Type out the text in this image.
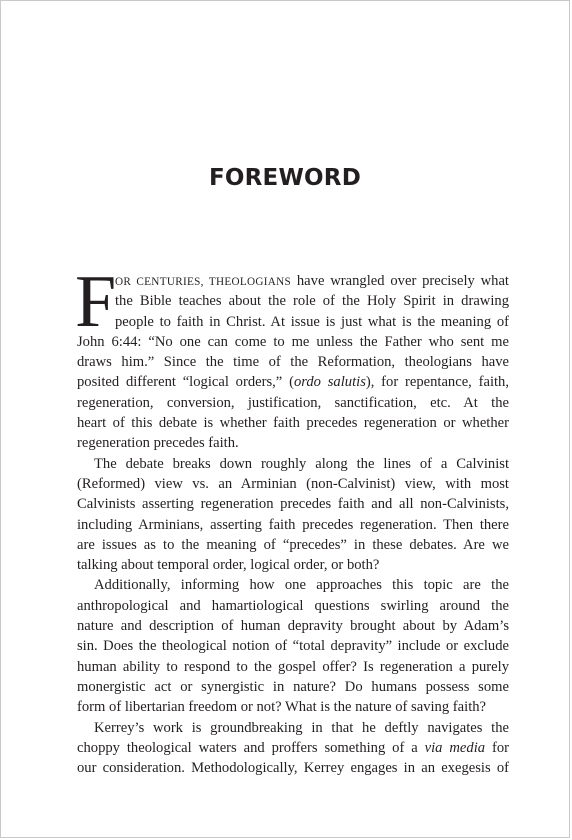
FOREWORD
F
OR CENTURIES, THEOLOGIANS have wrangled over precisely what
the Bible teaches about the role of the Holy Spirit in drawing
people to faith in Christ. At issue is just what is the meaning of
John 6:44: “No one can come to me unless the Father who sent me
draws him.” Since the time of the Reformation, theologians have
posited different “logical orders,” (ordo salutis), for repentance, faith,
regeneration, conversion, justification, sanctification, etc. At the
heart of this debate is whether faith precedes regeneration or whether
regeneration precedes faith.
The debate breaks down roughly along the lines of a Calvinist
(Reformed) view vs. an Arminian (non-Calvinist) view, with most
Calvinists asserting regeneration precedes faith and all non-Calvinists,
including Arminians, asserting faith precedes regeneration. Then there
are issues as to the meaning of “precedes” in these debates. Are we
talking about temporal order, logical order, or both?
Additionally, informing how one approaches this topic are the
anthropological and hamartiological questions swirling around the
nature and description of human depravity brought about by Adam’s
sin. Does the theological notion of “total depravity” include or exclude
human ability to respond to the gospel offer? Is regeneration a purely
monergistic act or synergistic in nature? Do humans possess some
form of libertarian freedom or not? What is the nature of saving faith?
Kerrey’s work is groundbreaking in that he deftly navigates the
choppy theological waters and proffers something of a via media for
our consideration. Methodologically, Kerrey engages in an exegesis of
